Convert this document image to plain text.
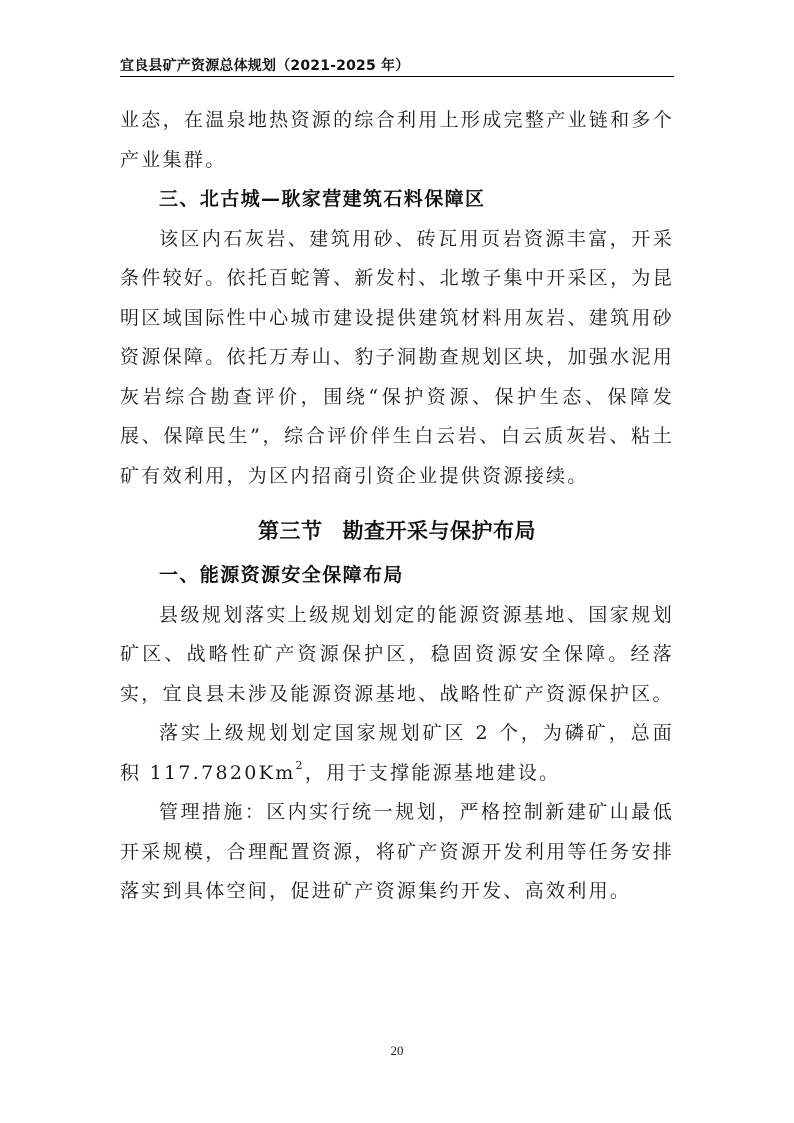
宜良县矿产资源总体规划（2021-2025 年）

业态，在温泉地热资源的综合利用上形成完整产业链和多个产业集群。

三、北古城—耿家营建筑石料保障区

该区内石灰岩、建筑用砂、砖瓦用页岩资源丰富，开采条件较好。依托百蛇箐、新发村、北墩子集中开采区，为昆明区域国际性中心城市建设提供建筑材料用灰岩、建筑用砂资源保障。依托万寿山、豹子洞勘查规划区块，加强水泥用灰岩综合勘查评价，围绕“保护资源、保护生态、保障发展、保障民生”，综合评价伴生白云岩、白云质灰岩、粘土矿有效利用，为区内招商引资企业提供资源接续。

第三节 勘查开采与保护布局
一、能源资源安全保障布局

县级规划落实上级规划划定的能源资源基地、国家规划矿区、战略性矿产资源保护区，稳固资源安全保障。经落实，宜良县未涉及能源资源基地、战略性矿产资源保护区。

落实上级规划划定国家规划矿区 2 个，为磷矿，总面积 117.7820Km$^2$，用于支撑能源基地建设。

管理措施：区内实行统一规划，严格控制新建矿山最低开采规模，合理配置资源，将矿产资源开发利用等任务安排落实到具体空间，促进矿产资源集约开发、高效利用。

20
